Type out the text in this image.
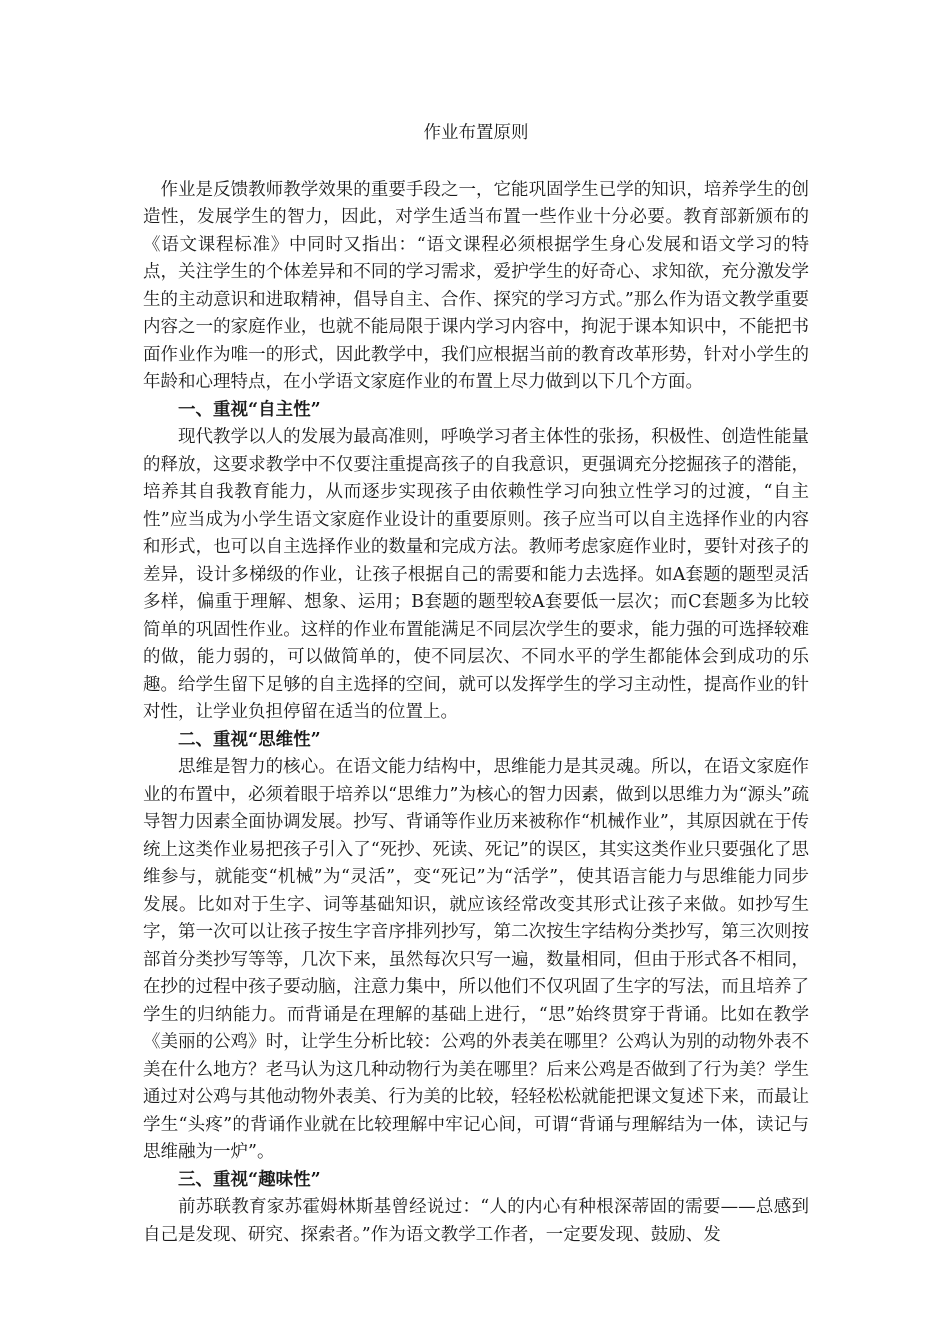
作业布置原则

作业是反馈教师教学效果的重要手段之一，它能巩固学生已学的知识，培养学生的创造性，发展学生的智力，因此，对学生适当布置一些作业十分必要。教育部新颁布的《语文课程标准》中同时又指出：“语文课程必须根据学生身心发展和语文学习的特点，关注学生的个体差异和不同的学习需求，爱护学生的好奇心、求知欲，充分激发学生的主动意识和进取精神，倡导自主、合作、探究的学习方式。”那么作为语文教学重要内容之一的家庭作业，也就不能局限于课内学习内容中，拘泥于课本知识中，不能把书面作业作为唯一的形式，因此教学中，我们应根据当前的教育改革形势，针对小学生的年龄和心理特点，在小学语文家庭作业的布置上尽力做到以下几个方面。

一、重视“自主性”

现代教学以人的发展为最高准则，呼唤学习者主体性的张扬，积极性、创造性能量的释放，这要求教学中不仅要注重提高孩子的自我意识，更强调充分挖掘孩子的潜能，培养其自我教育能力，从而逐步实现孩子由依赖性学习向独立性学习的过渡，“自主性”应当成为小学生语文家庭作业设计的重要原则。孩子应当可以自主选择作业的内容和形式，也可以自主选择作业的数量和完成方法。教师考虑家庭作业时，要针对孩子的差异，设计多梯级的作业，让孩子根据自己的需要和能力去选择。如A套题的题型灵活多样，偏重于理解、想象、运用；B套题的题型较A套要低一层次；而C套题多为比较简单的巩固性作业。这样的作业布置能满足不同层次学生的要求，能力强的可选择较难的做，能力弱的，可以做简单的，使不同层次、不同水平的学生都能体会到成功的乐趣。给学生留下足够的自主选择的空间，就可以发挥学生的学习主动性，提高作业的针对性，让学业负担停留在适当的位置上。

二、重视“思维性”

思维是智力的核心。在语文能力结构中，思维能力是其灵魂。所以，在语文家庭作业的布置中，必须着眼于培养以“思维力”为核心的智力因素，做到以思维力为“源头”疏导智力因素全面协调发展。抄写、背诵等作业历来被称作“机械作业”，其原因就在于传统上这类作业易把孩子引入了“死抄、死读、死记”的误区，其实这类作业只要强化了思维参与，就能变“机械”为“灵活”，变“死记”为“活学”，使其语言能力与思维能力同步发展。比如对于生字、词等基础知识，就应该经常改变其形式让孩子来做。如抄写生字，第一次可以让孩子按生字音序排列抄写，第二次按生字结构分类抄写，第三次则按部首分类抄写等等，几次下来，虽然每次只写一遍，数量相同，但由于形式各不相同，在抄的过程中孩子要动脑，注意力集中，所以他们不仅巩固了生字的写法，而且培养了学生的归纳能力。而背诵是在理解的基础上进行，“思”始终贯穿于背诵。比如在教学《美丽的公鸡》时，让学生分析比较：公鸡的外表美在哪里？公鸡认为别的动物外表不美在什么地方？老马认为这几种动物行为美在哪里？后来公鸡是否做到了行为美？学生通过对公鸡与其他动物外表美、行为美的比较，轻轻松松就能把课文复述下来，而最让学生“头疼”的背诵作业就在比较理解中牢记心间，可谓“背诵与理解结为一体，读记与思维融为一炉”。

三、重视“趣味性”

前苏联教育家苏霍姆林斯基曾经说过：“人的内心有种根深蒂固的需要——总感到自己是发现、研究、探索者。”作为语文教学工作者，一定要发现、鼓励、发
